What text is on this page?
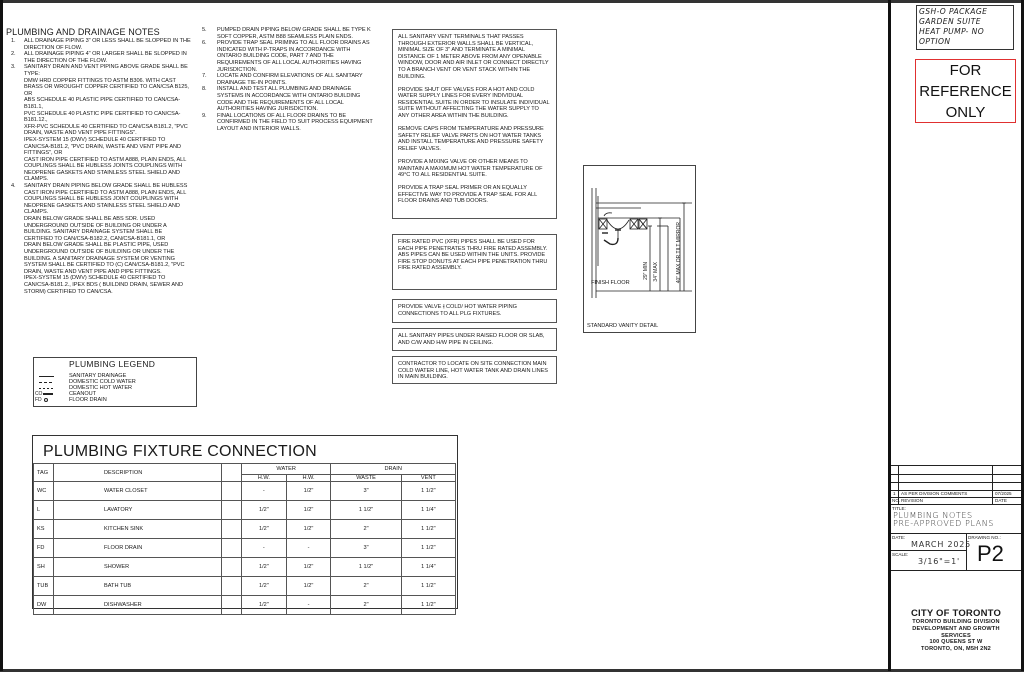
PLUMBING AND DRAINAGE NOTES
1.	ALL DRAINAGE PIPING 3" OR LESS SHALL BE SLOPPED IN THE DIRECTION OF FLOW.
2.	ALL DRAINAGE PIPING 4" OR LARGER SHALL BE SLOPPED IN THE DIRECTION OF THE FLOW.
3.	SANITARY DRAIN AND VENT PIPING ABOVE GRADE SHALL BE TYPE:
DMW HRD COPPER FITTINGS TO ASTM B306. WITH CAST BRASS OR WROUGHT COPPER CERTIFIED TO CAN/CSA B125, OR
ABS SCHEDULE 40 PLASTIC PIPE CERTIFIED TO CAN/CSA-B181.1,
PVC SCHEDULE 40 PLASTIC PIPE CERTIFIED TO CAN/CSA-B181.12.,
XFR-PVC SCHEDULE 40 CERTIFIED TO CAN/CSA B181.2, "PVC DRAIN, WASTE AND VENT PIPE FITTINGS".
IPEX-SYSTEM 15 (DWV) SCHEDULE 40 CERTIFIED TO CAN/CSA-B181.2, "PVC DRAIN, WASTE AND VENT PIPE AND FITTINGS", OR
CAST IRON PIPE CERTIFIED TO ASTM A888, PLAIN ENDS, ALL COUPLINGS SHALL BE HUBLESS JOINTS COUPLINGS WITH NEOPRENE GASKETS AND STAINLESS STEEL SHIELD AND CLAMPS.
4.	SANITARY DRAIN PIPING BELOW GRADE SHALL BE HUBLESS CAST IRON PIPE CERTIFIED TO ASTM A888, PLAIN ENDS, ALL COUPLINGS SHALL BE HUBLESS JOINT COUPLINGS WITH NEOPRENE GASKETS AND STAINLESS STEEL SHIELD AND CLAMPS.
DRAIN BELOW GRADE SHALL BE ABS SDR. USED UNDERGROUND OUTSIDE OF BUILDING OR UNDER A BUILDING. SANITARY DRAINAGE SYSTEM SHALL BE CERTIFIED TO CAN/CSA-B182.2, CAN/CSA-B181.1, OR
DRAIN BELOW GRADE SHALL BE PLASTIC PIPE, USED UNDERGROUND OUTSIDE OF BUILDING OR UNDER THE BUILDING. A SANITARY DRAINAGE SYSTEM OR VENTING SYSTEM SHALL BE CERTIFIED TO (C) CAN/CSA-B181.2, "PVC DRAIN, WASTE AND VENT PIPE AND PIPE FITTINGS.
IPEX-SYSTEM 15 (DWV) SCHEDULE 40 CERTIFIED TO CAN/CSA-B181.2., IPEX BDS ( BUILDIND DRAIN, SEWER AND STORM) CERTIFIED TO CAN/CSA.
5.	PUMPED DRAIN PIPING BELOW GRADE SHALL BE TYPE K SOFT COPPER, ASTM B88 SEAMLESS PLAIN ENDS.
6.	PROVIDE TRAP SEAL PRIMING TO ALL FLOOR DRAINS AS INDICATED WITH P-TRAPS IN ACCORDANCE WITH ONTARIO BUILDING CODE, PART 7 AND THE REQUIREMENTS OF ALL LOCAL AUTHORITIES HAVING JURISDICTION.
7.	LOCATE AND CONFIRM ELEVATIONS OF ALL SANITARY DRAINAGE TIE-IN POINTS.
8.	INSTALL AND TEST ALL PLUMBING AND DRAINAGE SYSTEMS IN ACCORDANCE WITH ONTARIO BUILDING CODE AND THE REQUIREMENTS OF ALL LOCAL AUTHORITIES HAVING JURISDICTION.
9.	FINAL LOCATIONS OF ALL FLOOR DRAINS TO BE CONFIRMED IN THE FIELD TO SUIT PROCESS EQUIPMENT LAYOUT AND INTERIOR WALLS.

ALL SANITARY VENT TERMINALS THAT PASSES THROUGH EXTERIOR WALLS SHALL BE VERTICAL, MINIMAL SIZE OF 3" AND TERMINATE A MINIMAL DISTANCE OF 1 METER ABOVE FROM ANY OPENABLE WINDOW, DOOR AND AIR INLET OR CONNECT DIRECTLY TO A BRANCH VENT OR VENT STACK WITHIN THE BUILDING.

PROVIDE SHUT OFF VALVES FOR A HOT AND COLD WATER SUPPLY LINES FOR EVERY INDIVIDUAL RESIDENTIAL SUITE IN ORDER TO INSULATE INDIVIDUAL SUITE WITHOUT AFFECTING THE WATER SUPPLY TO ANY OTHER AREA WITHIN THE BUILDING.

REMOVE CAPS FROM TEMPERATURE AND PRESSURE SAFETY RELIEF VALVE PARTS ON HOT WATER TANKS AND INSTALL TEMPERATURE AND PRESSURE SAFETY RELIEF VALVES.

PROVIDE A MIXING VALVE OR OTHER MEANS TO MAINTAIN A MAXIMUM HOT WATER TEMPERATURE OF 49°C TO ALL RESIDENTIAL SUITE.

PROVIDE A TRAP SEAL PRIMER OR AN EQUALLY EFFECTIVE WAY TO PROVIDE A TRAP SEAL FOR ALL FLOOR DRAINS AND TUB DOORS.

FIRE RATED PVC (XFR) PIPES SHALL BE USED FOR EACH PIPE PENETRATES THRU FIRE RATED ASSEMBLY.
ABS PIPES CAN BE USED WITHIN THE UNITS. PROVIDE FIRE STOP DONUTS AT EACH PIPE PENETRATION THRU FIRE RATED ASSEMBLY.
PROVIDE VALVE ⫲ COLD/ HOT WATER PIPING CONNECTIONS TO ALL PLG FIXTURES.
ALL SANITARY PIPES UNDER RAISED FLOOR OR SLAB, AND C/W AND H/W PIPE IN CEILING.
CONTRACTOR TO LOCATE ON SITE CONNECTION MAIN COLD WATER LINE, HOT WATER TANK AND DRAIN LINES IN MAIN BUILDING.
FINISH FLOOR
29" MIN 34" MAX	40" MAX OR TILT MIRROR
STANDARD VANITY DETAIL
PLUMBING LEGEND
SANITARY DRAINAGE
DOMESTIC COLD WATER
DOMESTIC HOT WATER
CO	CEANOUT
FD	FLOOR DRAIN
PLUMBING FIXTURE CONNECTION
TAG	DESCRIPTION		WATER		DRAIN	
			H.W.	H.W.	WASTE	VENT
WC	WATER CLOSET		-	1/2"	3"	1 1/2"
L	LAVATORY		1/2"	1/2"	1 1/2"	1 1/4"
KS	KITCHEN SINK		1/2"	1/2"	2"	1 1/2"
FD	FLOOR DRAIN		-	-	3"	1 1/2"
SH	SHOWER		1/2"	1/2"	1 1/2"	1 1/4"
TUB	BATH TUB		1/2"	1/2"	2"	1 1/2"
DW	DISHWASHER		1/2"	-	2"	1 1/2"
GSH-O PACKAGE
GARDEN SUITE
HEAT PUMP- NO
OPTION
FOR
REFERENCE
ONLY
1 AS PER DIVISION COMMENTS	07/2025
NO. REVISION	DATE
TITLE:
PLUMBING NOTES
PRE-APPROVED PLANS
DATE:
MARCH 2025
SCALE:
3/16"=1'
DRAWING NO.:
P2
CITY OF TORONTO
TORONTO BUILDING DIVISION
DEVELOPMENT AND GROWTH
SERVICES
100 QUEENS ST W
TORONTO, ON, M5H 2N2
